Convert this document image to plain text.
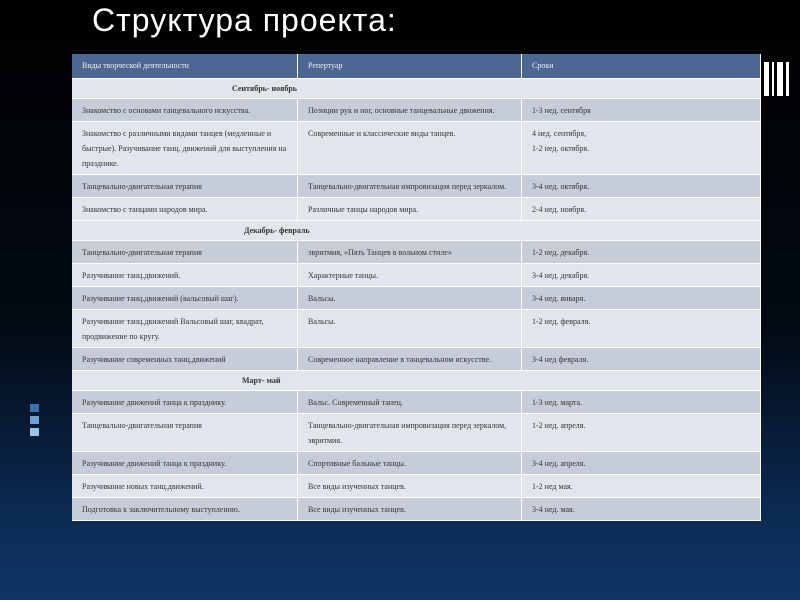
Структура проекта:
Виды творческой деятельности	Репертуар	Сроки
Сентябрь- ноябрь		
Знакомство с основами танцевального искусства.	Позиции рук и ног, основные танцевальные движения.	1-3 нед. сентября
Знакомство с различными видами танцев (медленные и быстрые). Разучивание танц. движений для выступления на празднике.	Современные и классические виды танцев.	4 нед. сентября,
1-2 нед. октября.
Танцевально-двигательная терапия	Танцевально-двигательная импровизация перед зеркалом.	3-4 нед. октября.
Знакомство с танцами народов мира.	Различные танцы народов мира.	2-4 нед. ноября.
Декабрь- февраль		
Танцевально-двигательная терапия	эвритмия, «Пять Танцев в вольном стиле»	1-2 нед. декабря.
Разучивание танц.движений.	Характерные танцы.	3-4 нед. декабря.
Разучивание танц.движений (вальсовый шаг).	Вальсы.	3-4 нед. января.
Разучивание танц.движений Вальсовый шаг, квадрат, продвижение по кругу.	Вальсы.	1-2 нед. февраля.
Разучивание современных танц.движений	Современное направление в танцевальном искусстве.	3-4 нед февраля.
Март- май		
Разучивание движений танца к празднику.	Вальс. Современный танец.	1-3 нед. марта.
Танцевально-двигательная терапия	Танцевально-двигательная импровизация перед зеркалом, эвритмия.	1-2 нед. апреля.
Разучивание движений танца к празднику.	Спортивные бальные танцы.	3-4 нед. апреля.
Разучивание новых танц.движений.	Все виды изученных танцев.	1-2 нед мая.
Подготовка к заключительному выступлению.	Все виды изученных танцев.	3-4 нед. мая.
